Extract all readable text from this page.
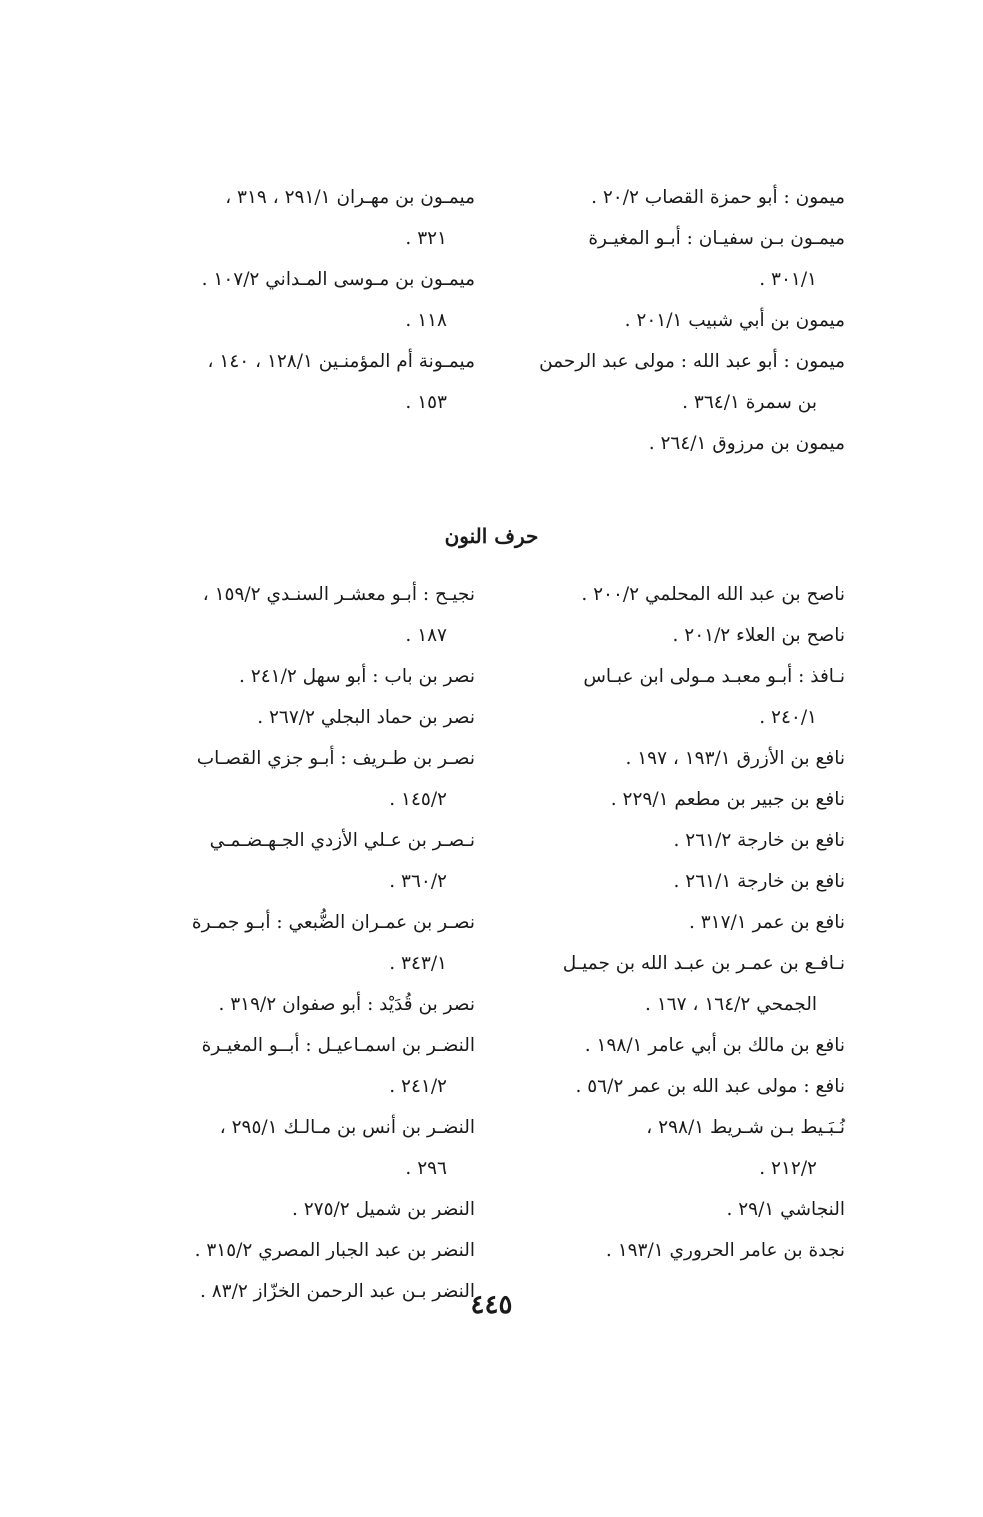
ميمون : أبو حمزة القصاب ٢٠/٢ .

ميمـون بـن سفيـان : أبـو المغيـرة
٣٠١/١ .

ميمون بن أبي شبيب ٢٠١/١ .

ميمون : أبو عبد الله : مولى عبد الرحمن
بن سمرة ٣٦٤/١ .

ميمون بن مرزوق ٢٦٤/١ .

ميمـون بن مهـران ٢٩١/١ ، ٣١٩ ،
٣٢١ .

ميمـون بن مـوسى المـداني ١٠٧/٢ .
١١٨ .

ميمـونة أم المؤمنـين ١٢٨/١ ، ١٤٠ ،
١٥٣ .

حرف النون

ناصح بن عبد الله المحلمي ٢٠٠/٢ .

ناصح بن العلاء ٢٠١/٢ .

نـافذ : أبـو معبـد مـولى ابن عبـاس
٢٤٠/١ .

نافع بن الأزرق ١٩٣/١ ، ١٩٧ .

نافع بن جبير بن مطعم ٢٢٩/١ .

نافع بن خارجة ٢٦١/٢ .

نافع بن خارجة ٢٦١/١ .

نافع بن عمر ٣١٧/١ .

نـافـع بن عمـر بن عبـد الله بن جميـل
الجمحي ١٦٤/٢ ، ١٦٧ .

نافع بن مالك بن أبي عامر ١٩٨/١ .

نافع : مولى عبد الله بن عمر ٥٦/٢ .

نُـبَـيط بـن شـريط ٢٩٨/١ ،
٢١٢/٢ .

النجاشي ٢٩/١ .

نجدة بن عامر الحروري ١٩٣/١ .

نجيـح : أبـو معشـر السنـدي ١٥٩/٢ ،
١٨٧ .

نصر بن باب : أبو سهل ٢٤١/٢ .

نصر بن حماد البجلي ٢٦٧/٢ .

نصـر بن طـريف : أبـو جزي القصـاب
١٤٥/٢ .

نـصـر بن عـلي الأزدي الجـهـضـمـي
٣٦٠/٢ .

نصـر بن عمـران الضُّبعي : أبـو جمـرة
٣٤٣/١ .

نصر بن قُدَيْد : أبو صفوان ٣١٩/٢ .

النضـر بن اسمـاعيـل : أبــو المغيـرة
٢٤١/٢ .

النضـر بن أنس بن مـالـك ٢٩٥/١ ،
٢٩٦ .

النضر بن شميل ٢٧٥/٢ .

النضر بن عبد الجبار المصري ٣١٥/٢ .

النضر بـن عبد الرحمن الخزّاز ٨٣/٢ .

٤٤٥
